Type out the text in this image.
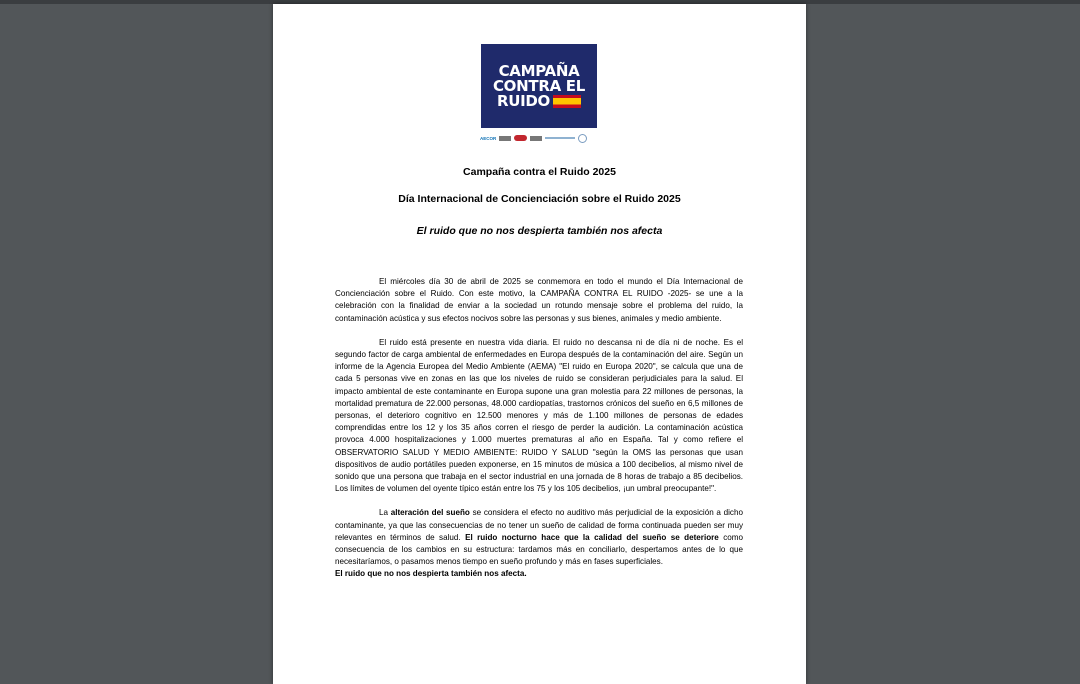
CAMPAÑA
CONTRA EL
RUIDO
AECOR
Campaña contra el Ruido 2025
Día Internacional de Concienciación sobre el Ruido 2025
El ruido que no nos despierta también nos afecta

El miércoles día 30 de abril de 2025 se conmemora en todo el mundo el Día Internacional de Concienciación sobre el Ruido. Con este motivo, la CAMPAÑA CONTRA EL RUIDO -2025- se une a la celebración con la finalidad de enviar a la sociedad un rotundo mensaje sobre el problema del ruido, la contaminación acústica y sus efectos nocivos sobre las personas y sus bienes, animales y medio ambiente.

El ruido está presente en nuestra vida diaria. El ruido no descansa ni de día ni de noche. Es el segundo factor de carga ambiental de enfermedades en Europa después de la contaminación del aire. Según un informe de la Agencia Europea del Medio Ambiente (AEMA) "El ruido en Europa 2020", se calcula que una de cada 5 personas vive en zonas en las que los niveles de ruido se consideran perjudiciales para la salud. El impacto ambiental de este contaminante en Europa supone una gran molestia para 22 millones de personas, la mortalidad prematura de 22.000 personas, 48.000 cardiopatías, trastornos crónicos del sueño en 6,5 millones de personas, el deterioro cognitivo en 12.500 menores y más de 1.100 millones de personas de edades comprendidas entre los 12 y los 35 años corren el riesgo de perder la audición. La contaminación acústica provoca 4.000 hospitalizaciones y 1.000 muertes prematuras al año en España. Tal y como refiere el OBSERVATORIO SALUD Y MEDIO AMBIENTE: RUIDO Y SALUD "según la OMS las personas que usan dispositivos de audio portátiles pueden exponerse, en 15 minutos de música a 100 decibelios, al mismo nivel de sonido que una persona que trabaja en el sector industrial en una jornada de 8 horas de trabajo a 85 decibelios. Los límites de volumen del oyente típico están entre los 75 y los 105 decibelios, ¡un umbral preocupante!".

La alteración del sueño se considera el efecto no auditivo más perjudicial de la exposición a dicho contaminante, ya que las consecuencias de no tener un sueño de calidad de forma continuada pueden ser muy relevantes en términos de salud. El ruido nocturno hace que la calidad del sueño se deteriore como consecuencia de los cambios en su estructura: tardamos más en conciliarlo, despertamos antes de lo que necesitaríamos, o pasamos menos tiempo en sueño profundo y más en fases superficiales.
El ruido que no nos despierta también nos afecta.
